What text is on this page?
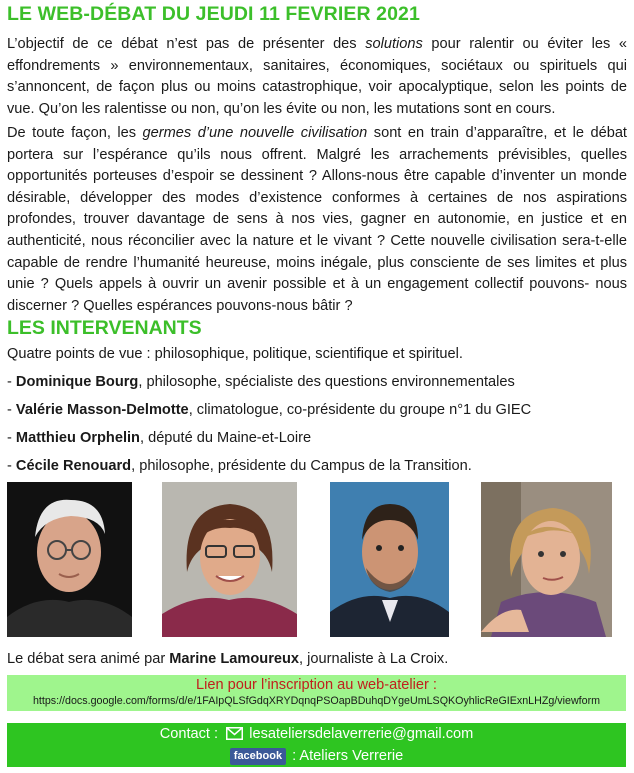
LE WEB-DÉBAT DU JEUDI 11 FEVRIER 2021
L’objectif de ce débat n’est pas de présenter des solutions pour ralentir ou éviter les « effondrements » environnementaux, sanitaires, économiques, sociétaux ou spirituels qui s’annoncent, de façon plus ou moins catastrophique, voir apocalyptique, selon les points de vue. Qu’on les ralentisse ou non, qu’on les évite ou non, les mutations sont en cours.
De toute façon, les germes d’une nouvelle civilisation sont en train d’apparaître, et le débat portera sur l’espérance qu’ils nous offrent. Malgré les arrachements prévisibles, quelles opportunités porteuses d’espoir se dessinent ? Allons-nous être capable d’inventer un monde désirable, développer des modes d’existence conformes à certaines de nos aspirations profondes, trouver davantage de sens à nos vies, gagner en autonomie, en justice et en authenticité, nous réconcilier avec la nature et le vivant ? Cette nouvelle civilisation sera-t-elle capable de rendre l’humanité heureuse, moins inégale, plus consciente de ses limites et plus unie ? Quels appels à ouvrir un avenir possible et à un engagement collectif pouvons- nous discerner ? Quelles espérances pouvons-nous bâtir ?
LES INTERVENANTS
Quatre points de vue : philosophique, politique, scientifique et spirituel.
- Dominique Bourg, philosophe, spécialiste des questions environnementales
- Valérie Masson-Delmotte, climatologue, co-présidente du groupe n°1 du GIEC
- Matthieu Orphelin, député du Maine-et-Loire
- Cécile Renouard, philosophe, présidente du Campus de la Transition.
Le débat sera animé par Marine Lamoureux, journaliste à La Croix.
Lien pour l’inscription au web-atelier :
https://docs.google.com/forms/d/e/1FAIpQLSfGdqXRYDqnqPSOapBDuhqDYgeUmLSQKOyhlicReGIExnLHZg/viewform
Contact : lesateliersdelaverrerie@gmail.com
facebook : Ateliers Verrerie
